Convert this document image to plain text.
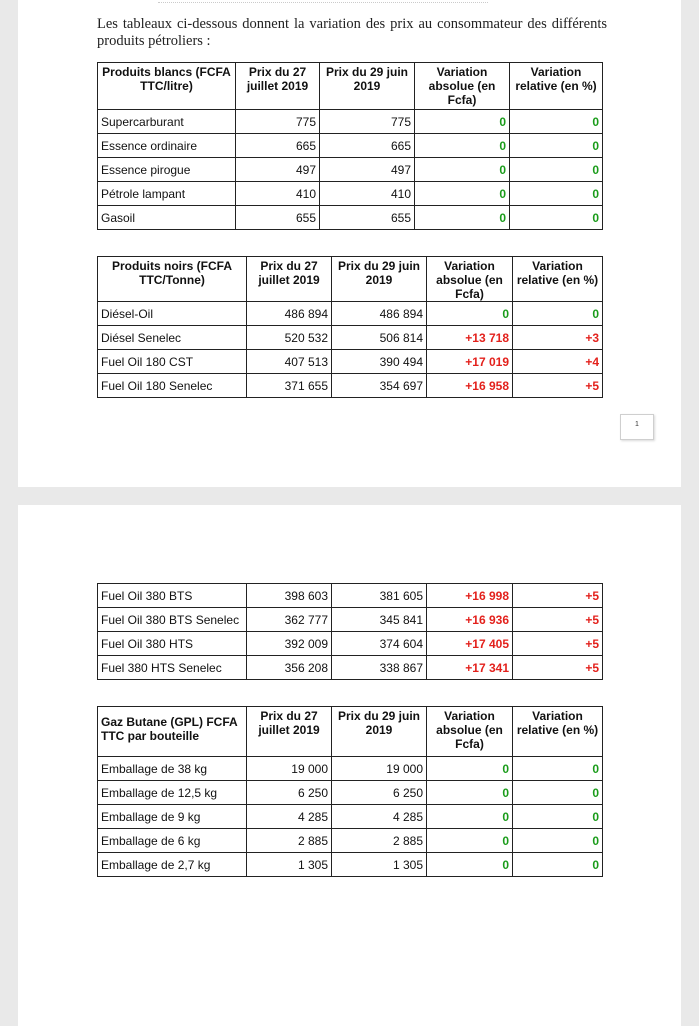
1

Les tableaux ci-dessous donnent la variation des prix au consommateur des différents produits pétroliers :

Produits blancs (FCFA TTC/litre)	Prix du 27 juillet 2019	Prix du 29 juin 2019	Variation absolue (en Fcfa)	Variation relative (en %)
Supercarburant	775	775	0	0
Essence ordinaire	665	665	0	0
Essence pirogue	497	497	0	0
Pétrole lampant	410	410	0	0
Gasoil	655	655	0	0
Produits noirs (FCFA TTC/Tonne)	Prix du 27 juillet 2019	Prix du 29 juin 2019	Variation absolue (en Fcfa)	Variation relative (en %)
Diésel-Oil	486 894	486 894	0	0
Diésel Senelec	520 532	506 814	+13 718	+3
Fuel Oil 180 CST	407 513	390 494	+17 019	+4
Fuel Oil 180 Senelec	371 655	354 697	+16 958	+5
Fuel Oil 380 BTS	398 603	381 605	+16 998	+5
Fuel Oil 380 BTS Senelec	362 777	345 841	+16 936	+5
Fuel Oil 380 HTS	392 009	374 604	+17 405	+5
Fuel 380 HTS Senelec	356 208	338 867	+17 341	+5
Gaz Butane (GPL) FCFA TTC par bouteille	Prix du 27 juillet 2019	Prix du 29 juin 2019	Variation absolue (en Fcfa)	Variation relative (en %)
Emballage de 38 kg	19 000	19 000	0	0
Emballage de 12,5 kg	6 250	6 250	0	0
Emballage de 9 kg	4 285	4 285	0	0
Emballage de 6 kg	2 885	2 885	0	0
Emballage de 2,7 kg	1 305	1 305	0	0
